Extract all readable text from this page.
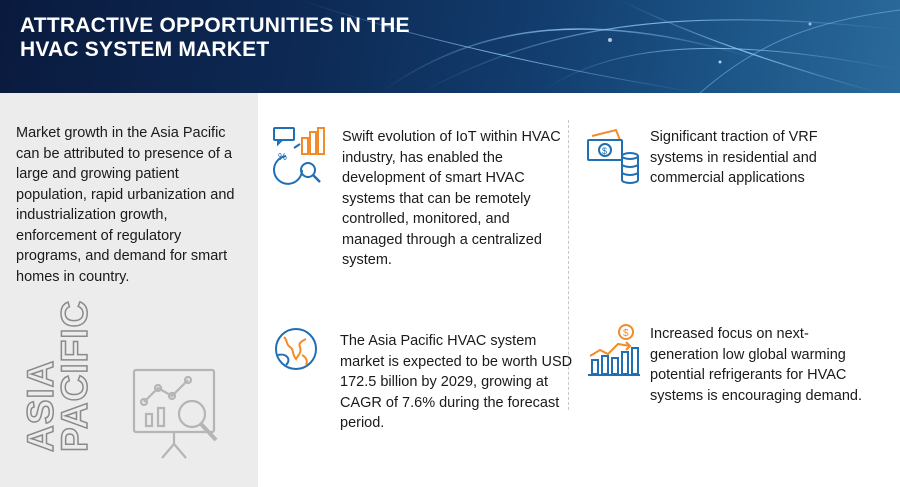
ATTRACTIVE OPPORTUNITIES IN THE
HVAC SYSTEM MARKET
Market growth in the Asia Pacific can be attributed to presence of a large and growing patient population, rapid urbanization and industrialization growth, enforcement of regulatory programs, and demand for smart homes in country.
ASIA
PACIFIC
%
Swift evolution of IoT within HVAC industry, has enabled the development of smart HVAC systems that can be remotely controlled, monitored, and managed through a centralized system.
$
Significant traction of VRF systems in residential and commercial applications
The Asia Pacific HVAC system market is expected to be worth USD 172.5 billion by 2029, growing at CAGR of 7.6% during the forecast period.
$ Increased focus on next-generation low global warming potential refrigerants for HVAC systems is encouraging demand.
